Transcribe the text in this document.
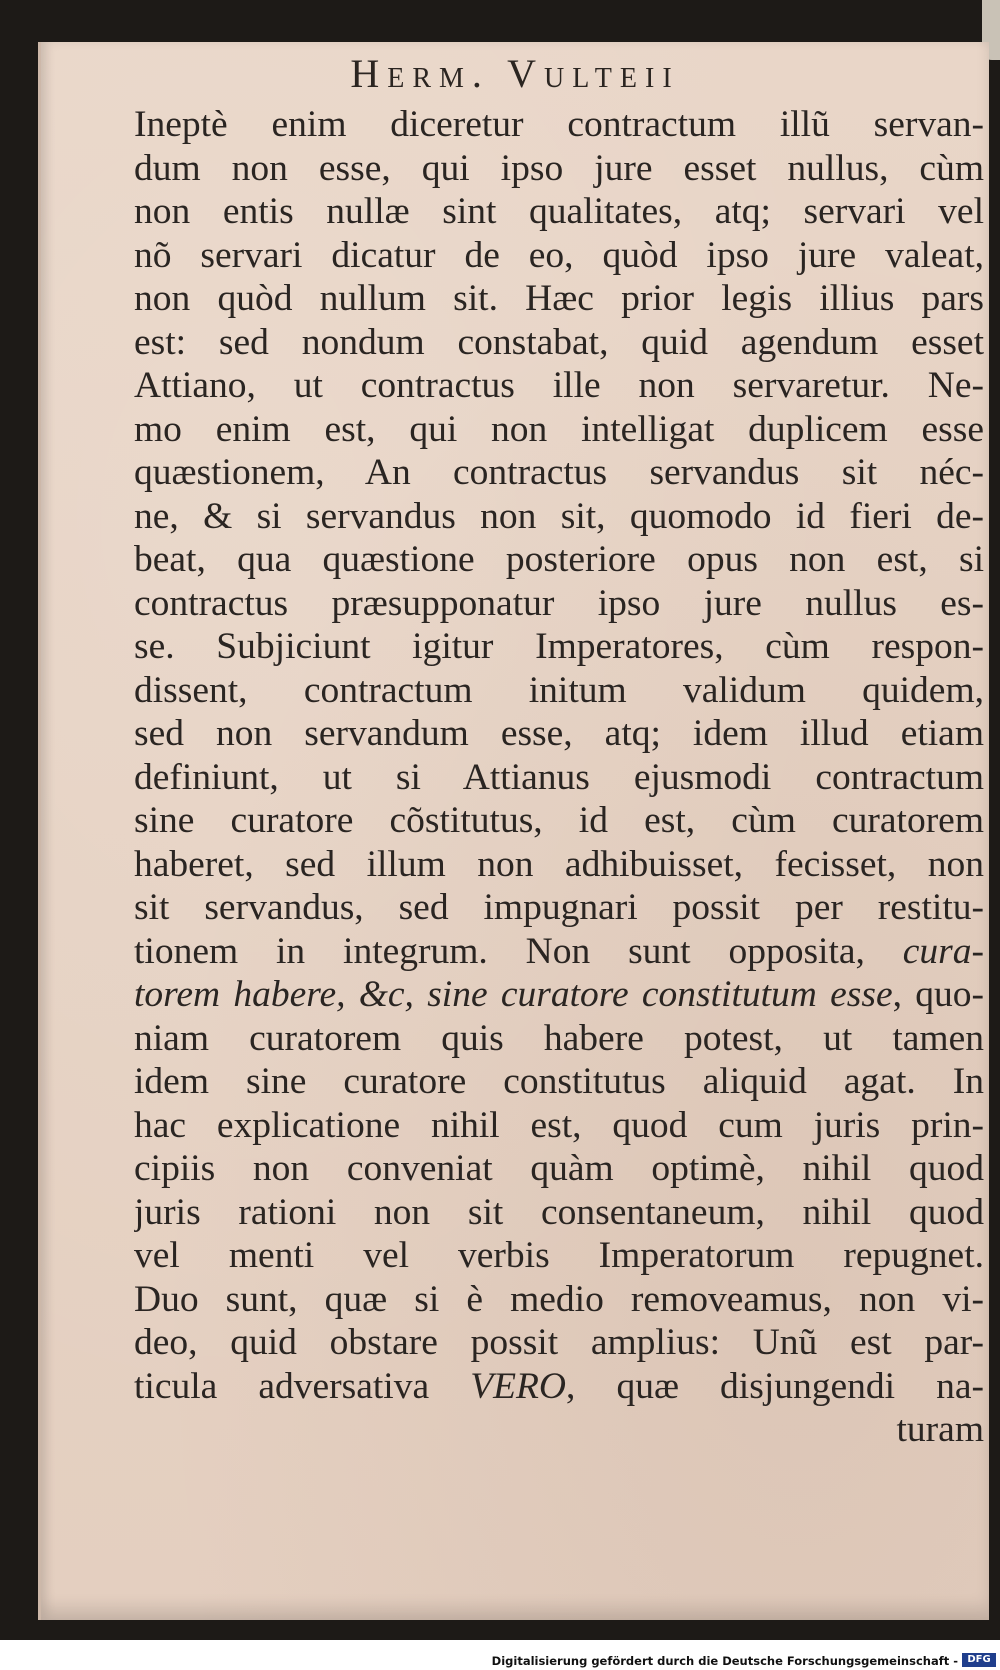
Herm. Vulteii
Ineptè enim diceretur contractum illũ servan-
dum non esse, qui ipso jure esset nullus, cùm
non entis nullæ sint qualitates, atq; servari vel
nõ servari dicatur de eo, quòd ipso jure valeat,
non quòd nullum sit. Hæc prior legis illius pars
est: sed nondum constabat, quid agendum esset
Attiano, ut contractus ille non servaretur. Ne-
mo enim est, qui non intelligat duplicem esse
quæstionem, An contractus servandus sit néc-
ne, & si servandus non sit, quomodo id fieri de-
beat, qua quæstione posteriore opus non est, si
contractus præsupponatur ipso jure nullus es-
se. Subjiciunt igitur Imperatores, cùm respon-
dissent, contractum initum validum quidem,
sed non servandum esse, atq; idem illud etiam
definiunt, ut si Attianus ejusmodi contractum
sine curatore cõstitutus, id est, cùm curatorem
haberet, sed illum non adhibuisset, fecisset, non
sit servandus, sed impugnari possit per restitu-
tionem in integrum. Non sunt opposita, cura-
torem habere, &c, sine curatore constitutum esse, quo-
niam curatorem quis habere potest, ut tamen
idem sine curatore constitutus aliquid agat. In
hac explicatione nihil est, quod cum juris prin-
cipiis non conveniat quàm optimè, nihil quod
juris rationi non sit consentaneum, nihil quod
vel menti vel verbis Imperatorum repugnet.
Duo sunt, quæ si è medio removeamus, non vi-
deo, quid obstare possit amplius: Unũ est par-
ticula adversativa VERO, quæ disjungendi na-
turam
Digitalisierung gefördert durch die Deutsche Forschungsgemeinschaft - DFG
